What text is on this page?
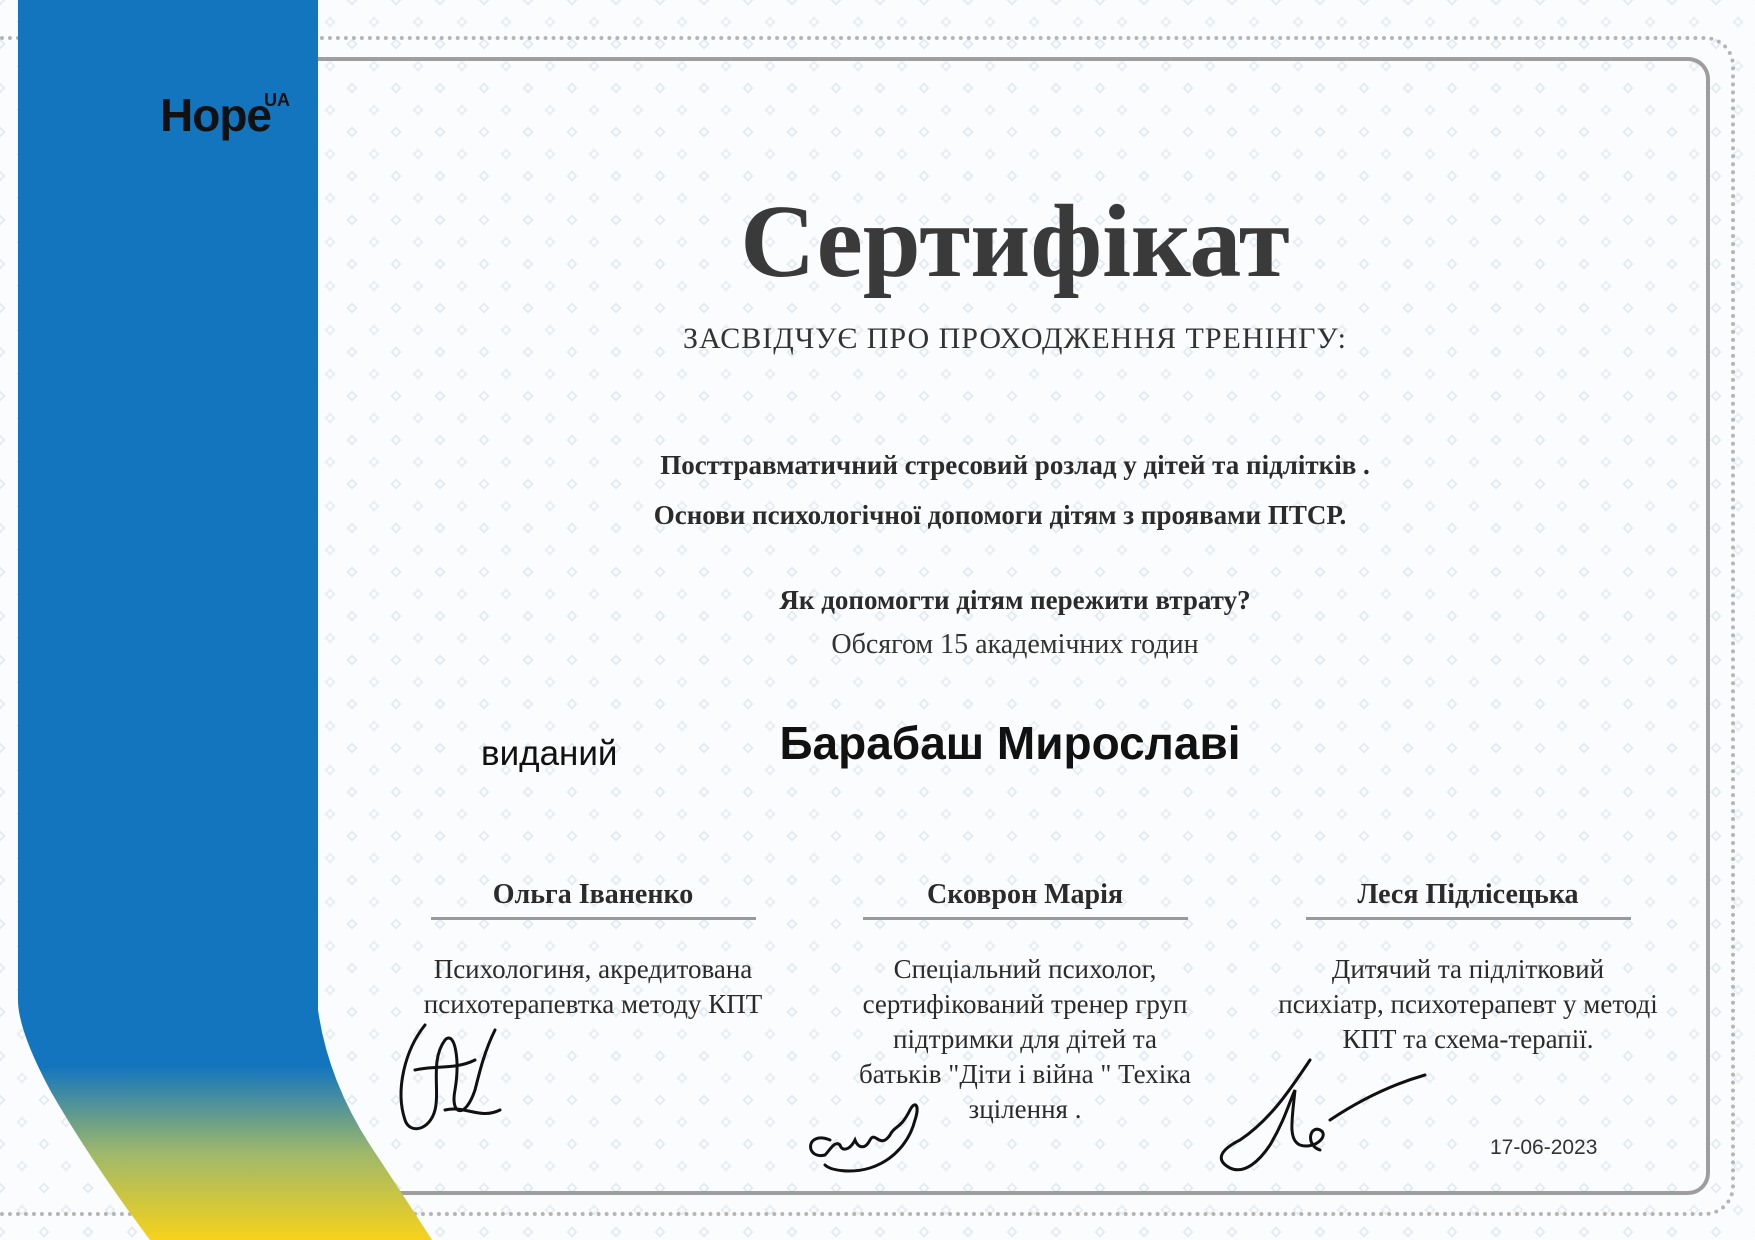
Hope
UA
Сертифікат
ЗАСВІДЧУЄ ПРО ПРОХОДЖЕННЯ ТРЕНІНГУ:
Посттравматичний стресовий розлад у дітей та підлітків .
Основи психологічної допомоги дітям з проявами ПТСР.
Як допомогти дітям пережити втрату?
Обсягом 15 академічних годин
виданий	Барабаш Мирославі
Ольга Іваненко
Психологиня, акредитована психотерапевтка методу КПТ
Сковрон Марія
Спеціальний психолог, сертифікований тренер груп підтримки для дітей та батьків "Діти і війна " Техіка зцілення .
Леся Підлісецька
Дитячий та підлітковий психіатр, психотерапевт у методі КПТ та схема-терапії.
17-06-2023
